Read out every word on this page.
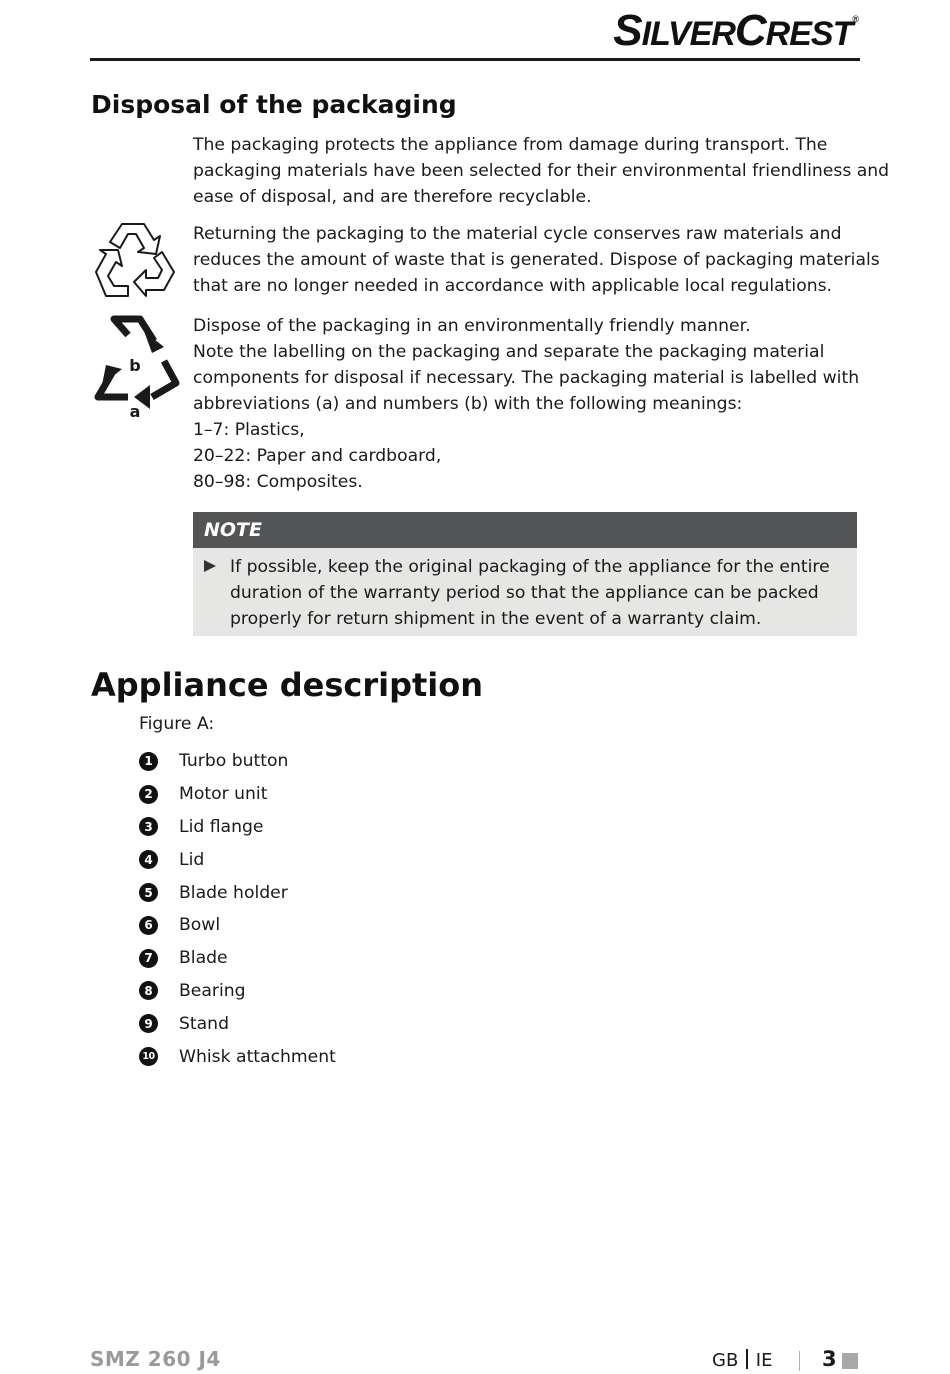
SILVERCREST®
Disposal of the packaging
The packaging protects the appliance from damage during transport. The
packaging materials have been selected for their environmental friendliness and
ease of disposal, and are therefore recyclable.
Returning the packaging to the material cycle conserves raw materials and
reduces the amount of waste that is generated. Dispose of packaging materials
that are no longer needed in accordance with applicable local regulations.
b
a
Dispose of the packaging in an environmentally friendly manner.
Note the labelling on the packaging and separate the packaging material
components for disposal if necessary. The packaging material is labelled with
abbreviations (a) and numbers (b) with the following meanings:
1–7: Plastics,
20–22: Paper and cardboard,
80–98: Composites.
NOTE
If possible, keep the original packaging of the appliance for the entire
duration of the warranty period so that the appliance can be packed
properly for return shipment in the event of a warranty claim.
Appliance description
Figure A:
1	Turbo button
2	Motor unit
3	Lid flange
4	Lid
5	Blade holder
6	Bowl
7	Blade
8	Bearing
9	Stand
10 Whisk attachment
SMZ 260 J4	GB IE 3
